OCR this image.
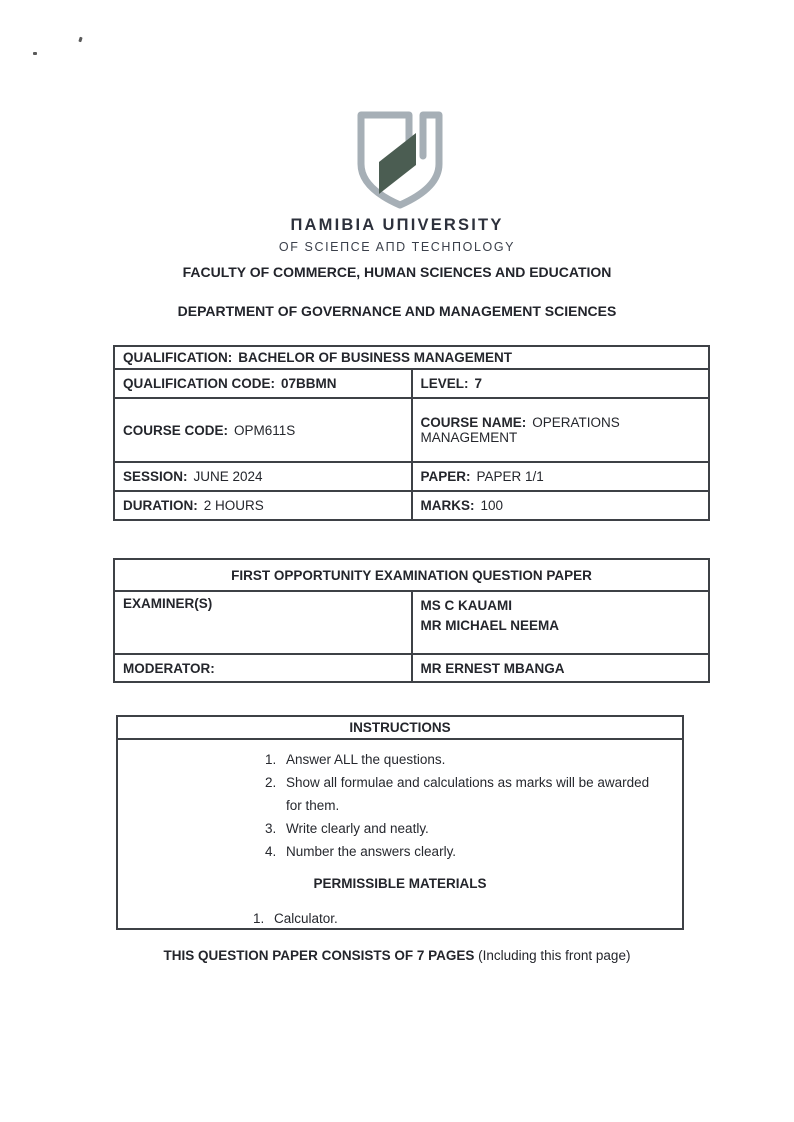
ПAMIBIA UПIVERSITY
OF SCIEПCE AПD TECHПOLOGY
FACULTY OF COMMERCE, HUMAN SCIENCES AND EDUCATION
DEPARTMENT OF GOVERNANCE AND MANAGEMENT SCIENCES
QUALIFICATION: BACHELOR OF BUSINESS MANAGEMENT	
QUALIFICATION CODE: 07BBMN	LEVEL: 7
COURSE CODE: OPM611S	COURSE NAME: OPERATIONS MANAGEMENT
SESSION: JUNE 2024	PAPER: PAPER 1/1
DURATION: 2 HOURS	MARKS: 100
FIRST OPPORTUNITY EXAMINATION QUESTION PAPER	
EXAMINER(S)	MS C KAUAMI
MR MICHAEL NEEMA

MODERATOR:	MR ERNEST MBANGA
INSTRUCTIONS
1. Answer ALL the questions.
2. Show all formulae and calculations as marks will be awarded for them.
3. Write clearly and neatly.
4. Number the answers clearly.
PERMISSIBLE MATERIALS
1. Calculator.
THIS QUESTION PAPER CONSISTS OF 7 PAGES (Including this front page)
